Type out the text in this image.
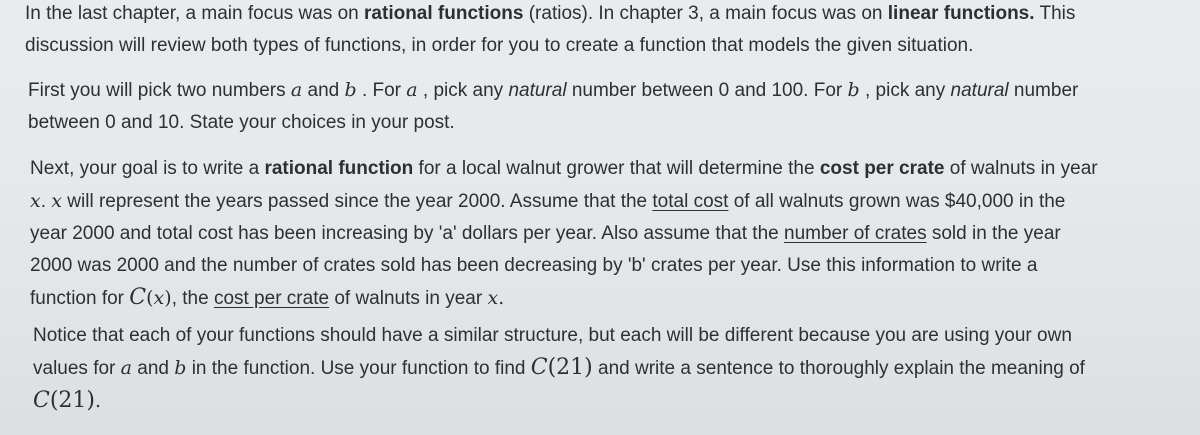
In the last chapter, a main focus was on rational functions (ratios). In chapter 3, a main focus was on linear functions. This
discussion will review both types of functions, in order for you to create a function that models the given situation.

First you will pick two numbers a and b . For a , pick any natural number between 0 and 100. For b , pick any natural number
between 0 and 10. State your choices in your post.

Next, your goal is to write a rational function for a local walnut grower that will determine the cost per crate of walnuts in year
x. x will represent the years passed since the year 2000. Assume that the total cost of all walnuts grown was $40,000 in the
year 2000 and total cost has been increasing by 'a' dollars per year. Also assume that the number of crates sold in the year
2000 was 2000 and the number of crates sold has been decreasing by 'b' crates per year. Use this information to write a
function for C(x), the cost per crate of walnuts in year x.

Notice that each of your functions should have a similar structure, but each will be different because you are using your own
values for a and b in the function. Use your function to find C(21) and write a sentence to thoroughly explain the meaning of
C(21).
